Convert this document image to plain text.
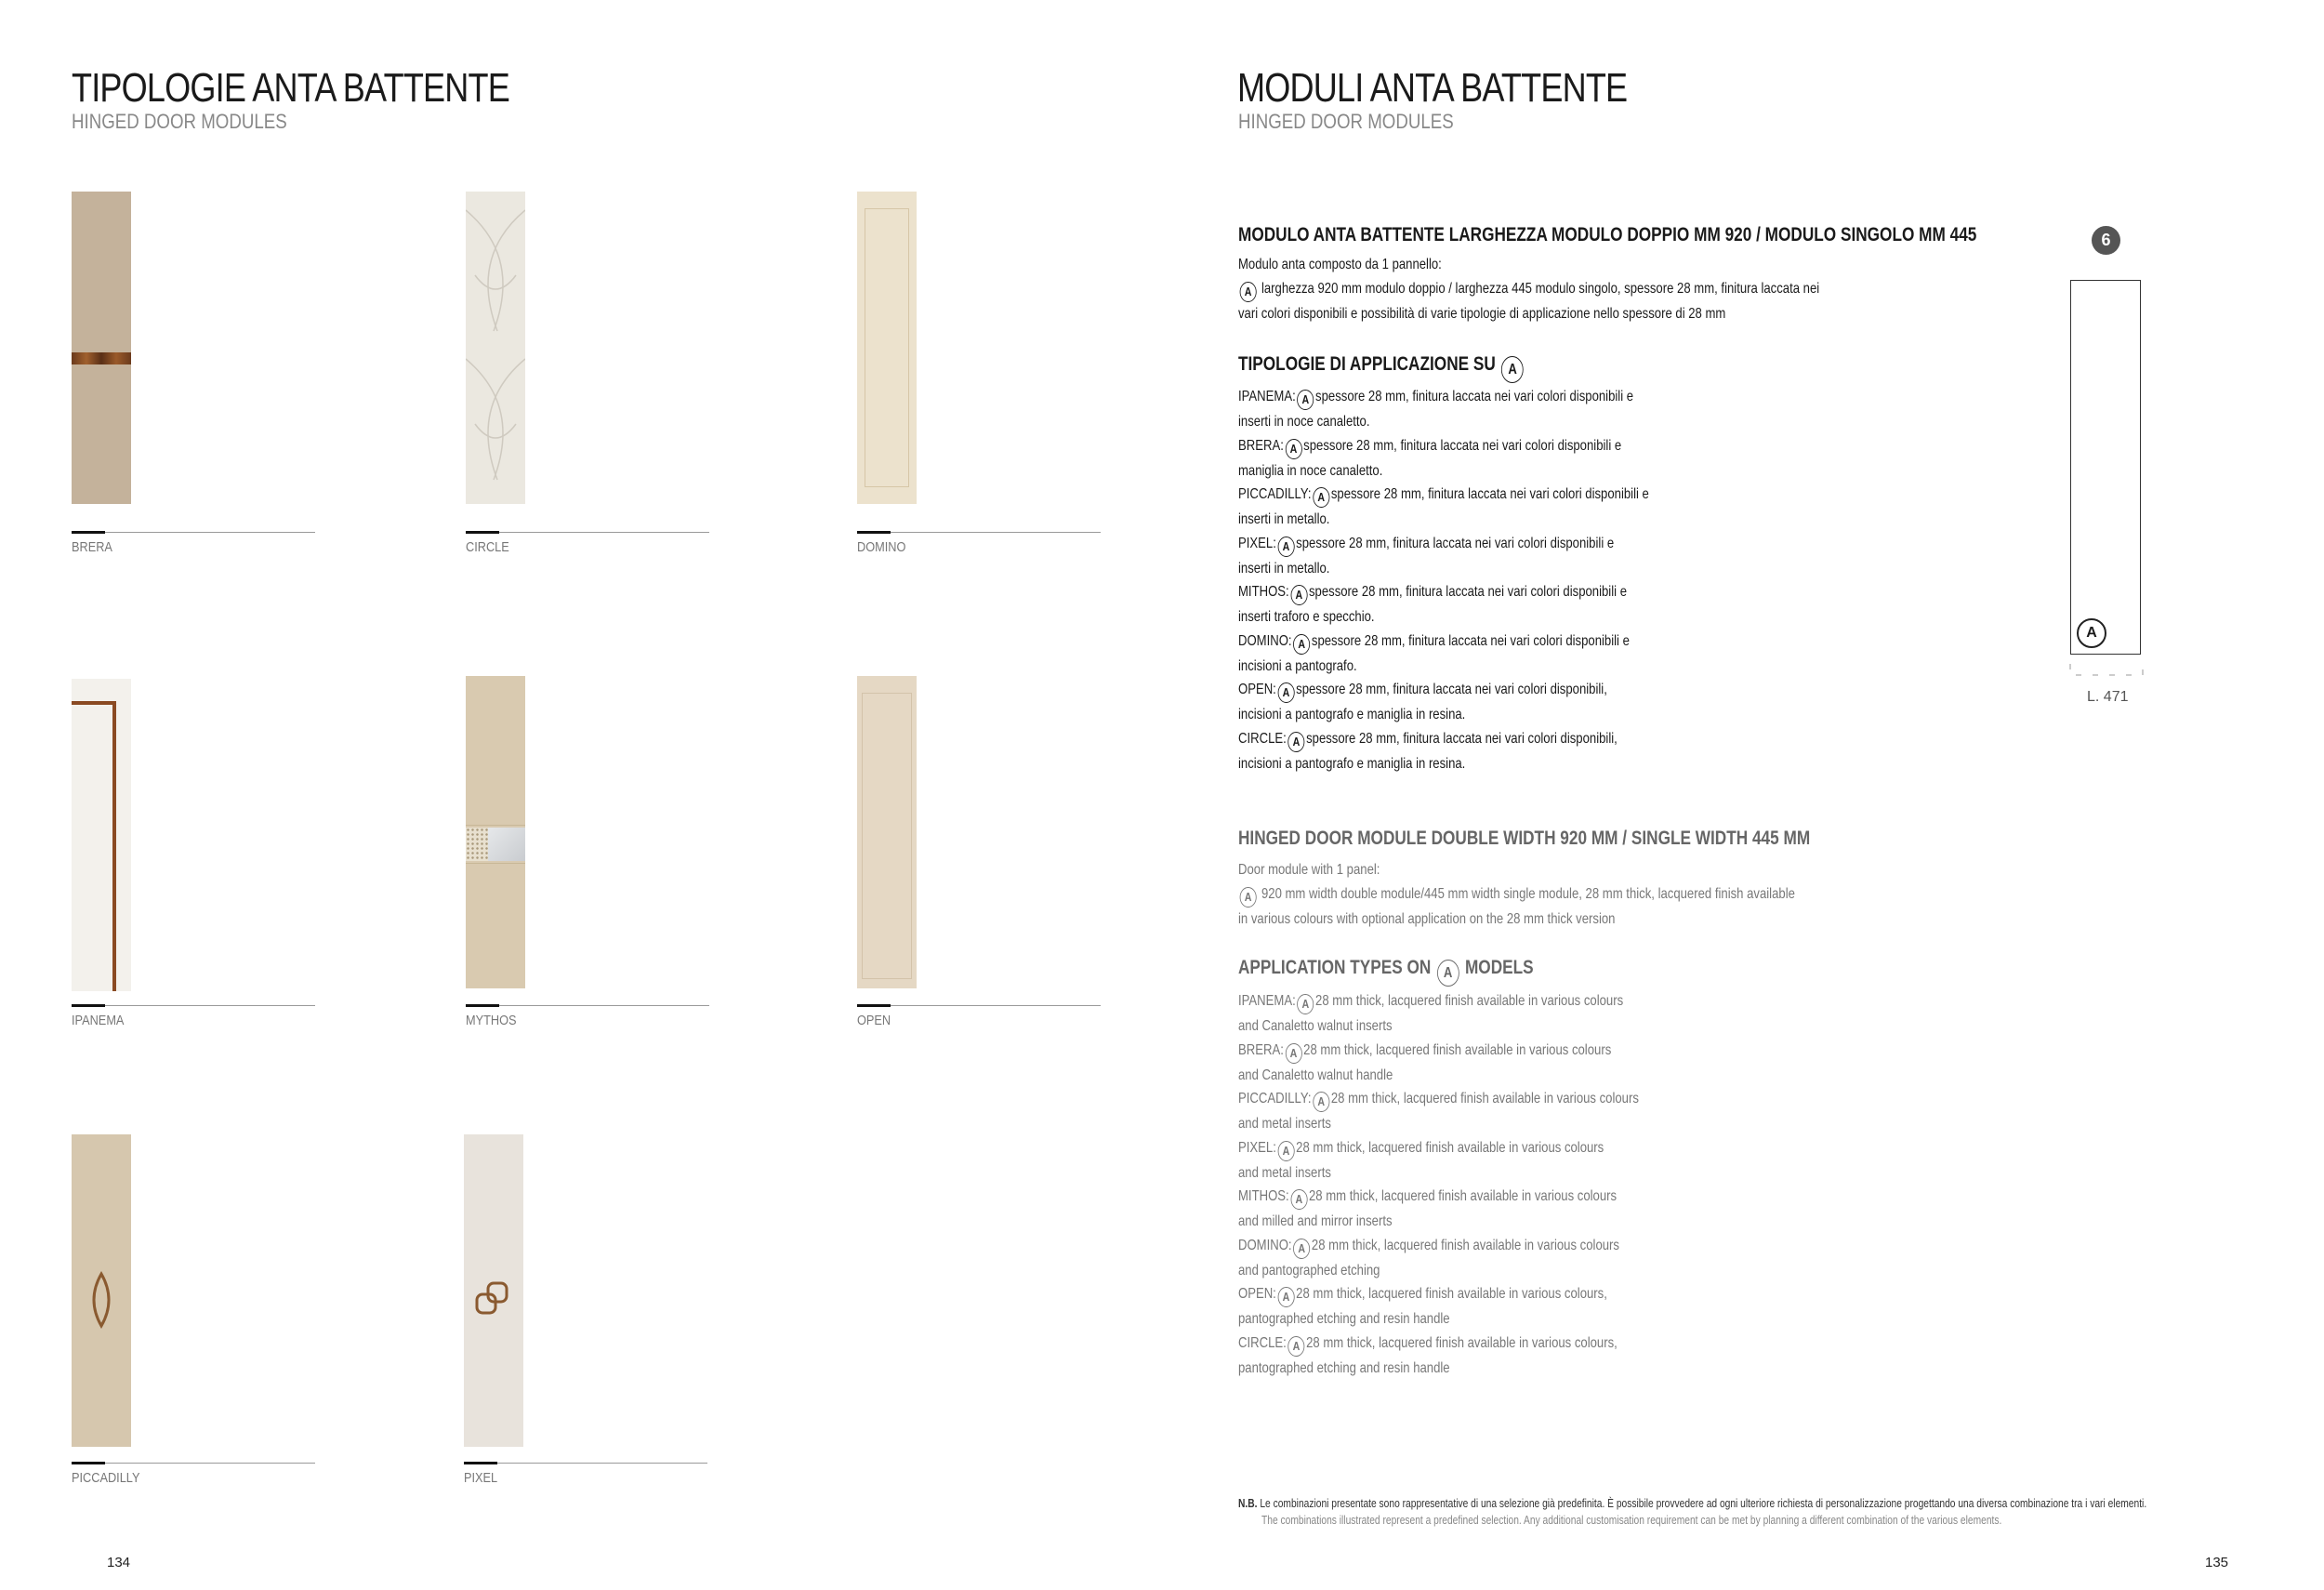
TIPOLOGIE ANTA BATTENTE
HINGED DOOR MODULES
BRERA	CIRCLE	DOMINO
IPANEMA	MYTHOS	OPEN
PICCADILLY	PIXEL
134
MODULI ANTA BATTENTE
HINGED DOOR MODULES
MODULO ANTA BATTENTE LARGHEZZA MODULO DOPPIO MM 920 / MODULO SINGOLO MM 445
Modulo anta composto da 1 pannello:
A larghezza 920 mm modulo doppio / larghezza 445 modulo singolo, spessore 28 mm, finitura laccata nei
vari colori disponibili e possibilità di varie tipologie di applicazione nello spessore di 28 mm
TIPOLOGIE DI APPLICAZIONE SU A
IPANEMA: A spessore 28 mm, finitura laccata nei vari colori disponibili e
inserti in noce canaletto.
BRERA: A spessore 28 mm, finitura laccata nei vari colori disponibili e
maniglia in noce canaletto.
PICCADILLY: A spessore 28 mm, finitura laccata nei vari colori disponibili e
inserti in metallo.
PIXEL: A spessore 28 mm, finitura laccata nei vari colori disponibili e
inserti in metallo.
MITHOS: A spessore 28 mm, finitura laccata nei vari colori disponibili e
inserti traforo e specchio.
DOMINO: A spessore 28 mm, finitura laccata nei vari colori disponibili e
incisioni a pantografo.
OPEN: A spessore 28 mm, finitura laccata nei vari colori disponibili,
incisioni a pantografo e maniglia in resina.
CIRCLE: A spessore 28 mm, finitura laccata nei vari colori disponibili,
incisioni a pantografo e maniglia in resina.
HINGED DOOR MODULE DOUBLE WIDTH 920 MM / SINGLE WIDTH 445 MM
Door module with 1 panel:
A 920 mm width double module/445 mm width single module, 28 mm thick, lacquered finish available
in various colours with optional application on the 28 mm thick version
APPLICATION TYPES ON A MODELS
IPANEMA: A 28 mm thick, lacquered finish available in various colours
and Canaletto walnut inserts
BRERA: A 28 mm thick, lacquered finish available in various colours
and Canaletto walnut handle
PICCADILLY: A 28 mm thick, lacquered finish available in various colours
and metal inserts
PIXEL: A 28 mm thick, lacquered finish available in various colours
and metal inserts
MITHOS: A 28 mm thick, lacquered finish available in various colours
and milled and mirror inserts
DOMINO: A 28 mm thick, lacquered finish available in various colours
and pantographed etching
OPEN: A 28 mm thick, lacquered finish available in various colours,
pantographed etching and resin handle
CIRCLE: A 28 mm thick, lacquered finish available in various colours,
pantographed etching and resin handle
6
A
L. 471
N.B. Le combinazioni presentate sono rappresentative di una selezione già predefinita. È possibile provvedere ad ogni ulteriore richiesta di personalizzazione progettando una diversa combinazione tra i vari elementi.
The combinations illustrated represent a predefined selection. Any additional customisation requirement can be met by planning a different combination of the various elements.
135
